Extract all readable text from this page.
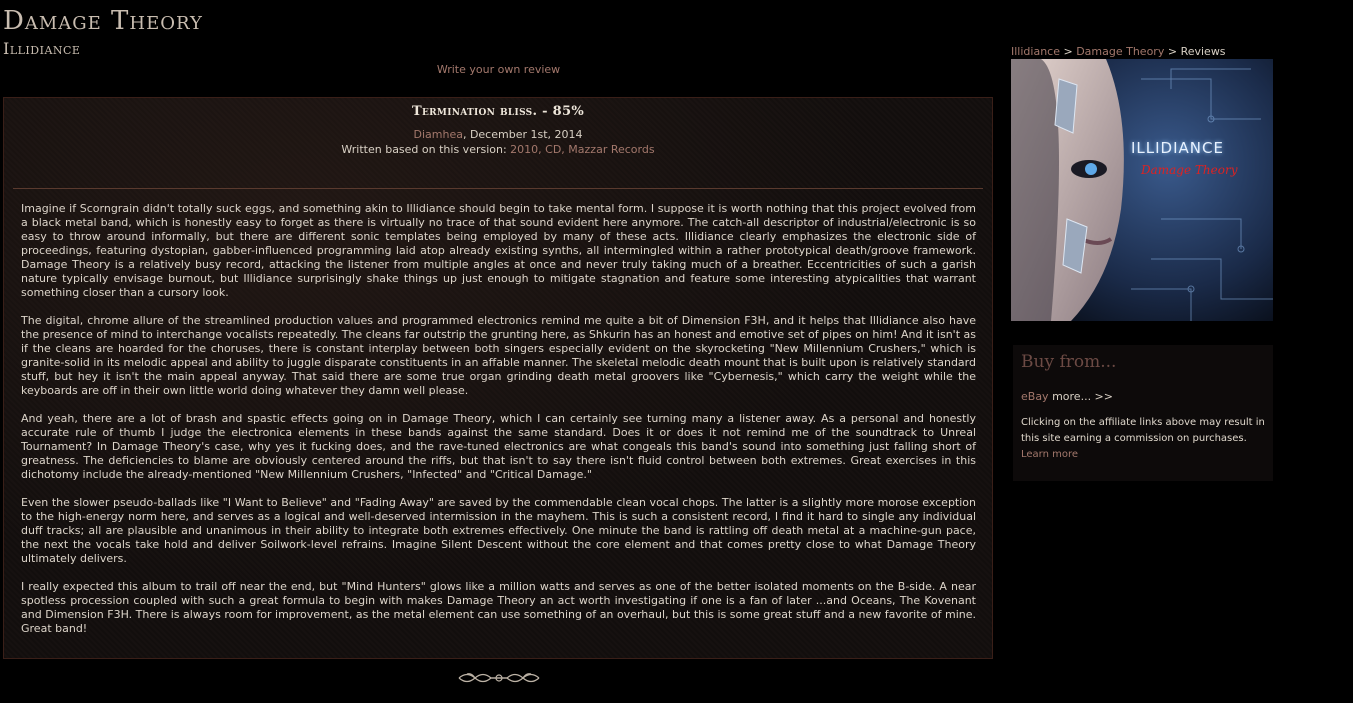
Damage Theory
Illidiance
Write your own review
Termination bliss. - 85%
Diamhea, December 1st, 2014
Written based on this version: 2010, CD, Mazzar Records

Imagine if Scorngrain didn't totally suck eggs, and something akin to Illidiance should begin to take mental form. I suppose it is worth nothing that this project evolved from a black metal band, which is honestly easy to forget as there is virtually no trace of that sound evident here anymore. The catch-all descriptor of industrial/electronic is so easy to throw around informally, but there are different sonic templates being employed by many of these acts. Illidiance clearly emphasizes the electronic side of proceedings, featuring dystopian, gabber-influenced programming laid atop already existing synths, all intermingled within a rather prototypical death/groove framework. Damage Theory is a relatively busy record, attacking the listener from multiple angles at once and never truly taking much of a breather. Eccentricities of such a garish nature typically envisage burnout, but Illidiance surprisingly shake things up just enough to mitigate stagnation and feature some interesting atypicalities that warrant something closer than a cursory look.

The digital, chrome allure of the streamlined production values and programmed electronics remind me quite a bit of Dimension F3H, and it helps that Illidiance also have the presence of mind to interchange vocalists repeatedly. The cleans far outstrip the grunting here, as Shkurin has an honest and emotive set of pipes on him! And it isn't as if the cleans are hoarded for the choruses, there is constant interplay between both singers especially evident on the skyrocketing "New Millennium Crushers," which is granite-solid in its melodic appeal and ability to juggle disparate constituents in an affable manner. The skeletal melodic death mount that is built upon is relatively standard stuff, but hey it isn't the main appeal anyway. That said there are some true organ grinding death metal groovers like "Cybernesis," which carry the weight while the keyboards are off in their own little world doing whatever they damn well please.

And yeah, there are a lot of brash and spastic effects going on in Damage Theory, which I can certainly see turning many a listener away. As a personal and honestly accurate rule of thumb I judge the electronica elements in these bands against the same standard. Does it or does it not remind me of the soundtrack to Unreal Tournament? In Damage Theory's case, why yes it fucking does, and the rave-tuned electronics are what congeals this band's sound into something just falling short of greatness. The deficiencies to blame are obviously centered around the riffs, but that isn't to say there isn't fluid control between both extremes. Great exercises in this dichotomy include the already-mentioned "New Millennium Crushers, "Infected" and "Critical Damage."

Even the slower pseudo-ballads like "I Want to Believe" and "Fading Away" are saved by the commendable clean vocal chops. The latter is a slightly more morose exception to the high-energy norm here, and serves as a logical and well-deserved intermission in the mayhem. This is such a consistent record, I find it hard to single any individual duff tracks; all are plausible and unanimous in their ability to integrate both extremes effectively. One minute the band is rattling off death metal at a machine-gun pace, the next the vocals take hold and deliver Soilwork-level refrains. Imagine Silent Descent without the core element and that comes pretty close to what Damage Theory ultimately delivers.

I really expected this album to trail off near the end, but "Mind Hunters" glows like a million watts and serves as one of the better isolated moments on the B-side. A near spotless procession coupled with such a great formula to begin with makes Damage Theory an act worth investigating if one is a fan of later ...and Oceans, The Kovenant and Dimension F3H. There is always room for improvement, as the metal element can use something of an overhaul, but this is some great stuff and a new favorite of mine. Great band!

Illidiance > Damage Theory > Reviews
ILLIDIANCE
Damage Theory
Buy from...
eBay more... >>
Clicking on the affiliate links above may result in this site earning a commission on purchases.
Learn more
